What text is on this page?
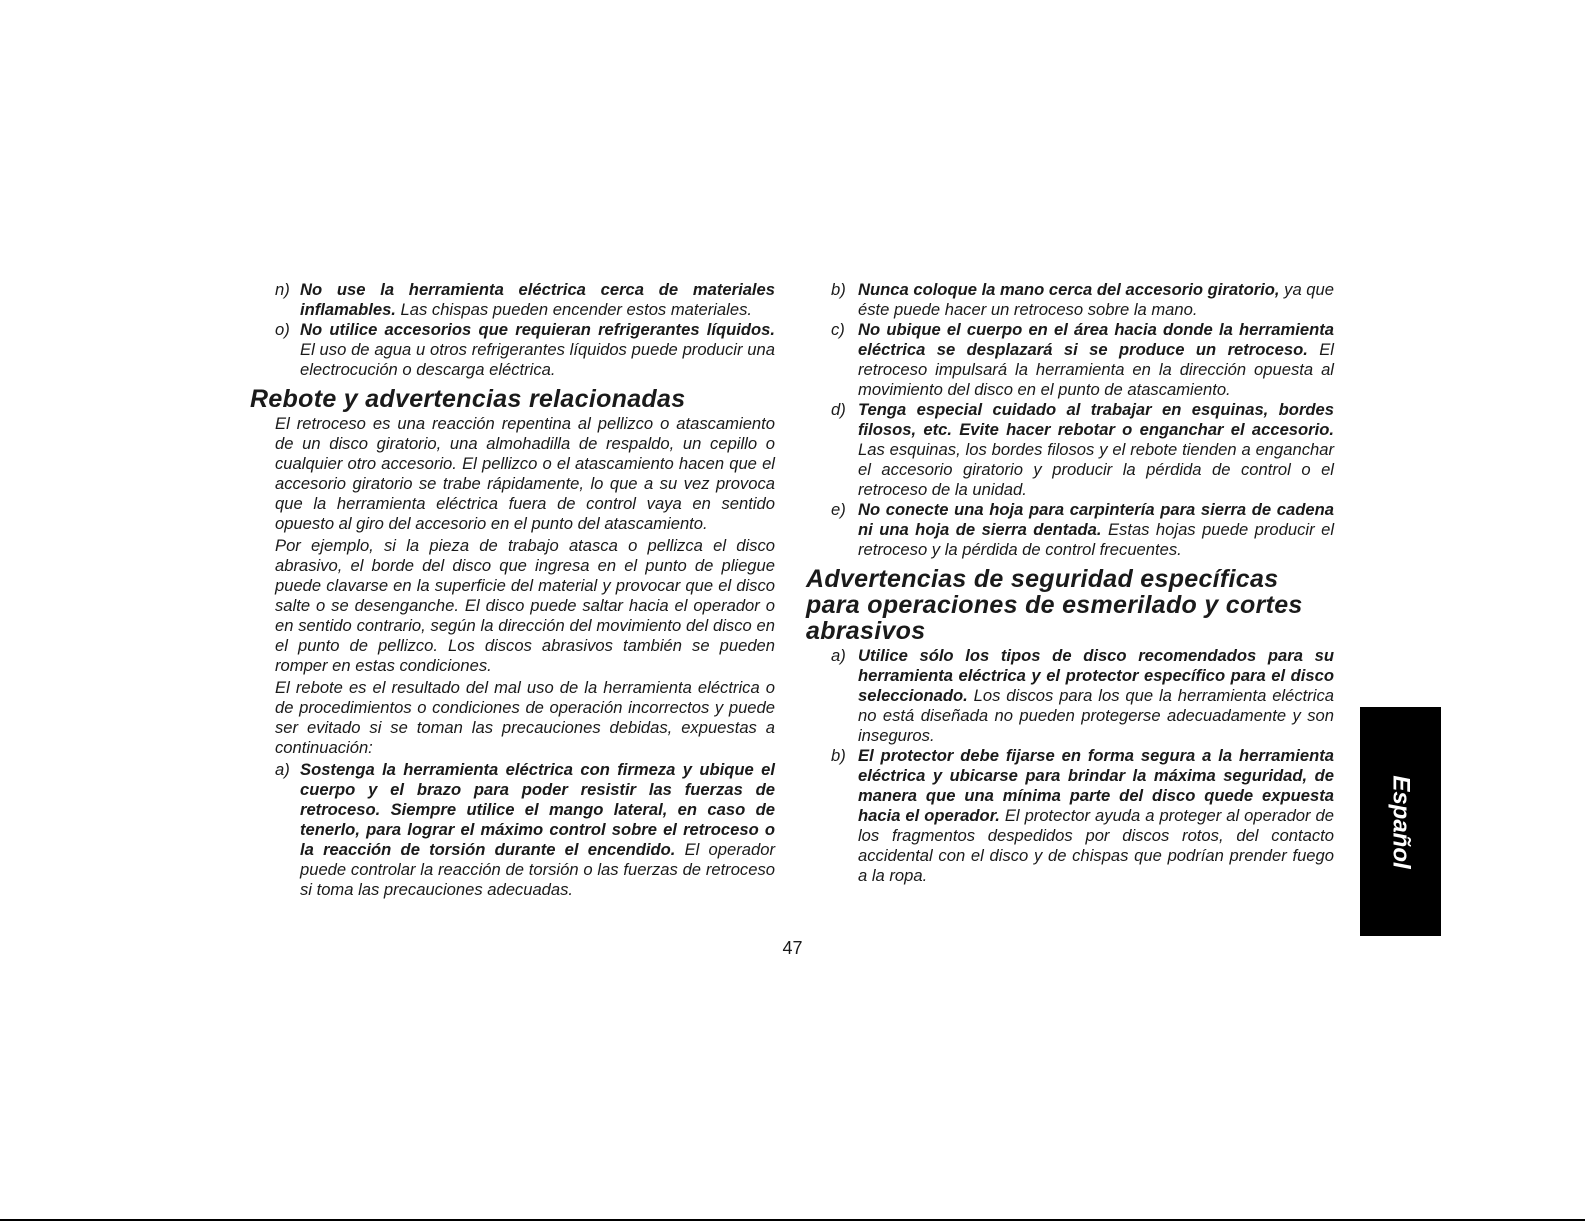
n) No use la herramienta eléctrica cerca de materiales inflamables. Las chispas pueden encender estos materiales.

o) No utilice accesorios que requieran refrigerantes líquidos. El uso de agua u otros refrigerantes líquidos puede producir una electrocución o descarga eléctrica.

Rebote y advertencias relacionadas

El retroceso es una reacción repentina al pellizco o atascamiento de un disco giratorio, una almohadilla de respaldo, un cepillo o cualquier otro accesorio. El pellizco o el atascamiento hacen que el accesorio giratorio se trabe rápidamente, lo que a su vez provoca que la herramienta eléctrica fuera de control vaya en sentido opuesto al giro del accesorio en el punto del atascamiento.

Por ejemplo, si la pieza de trabajo atasca o pellizca el disco abrasivo, el borde del disco que ingresa en el punto de pliegue puede clavarse en la superficie del material y provocar que el disco salte o se desenganche. El disco puede saltar hacia el operador o en sentido contrario, según la dirección del movimiento del disco en el punto de pellizco. Los discos abrasivos también se pueden romper en estas condiciones.

El rebote es el resultado del mal uso de la herramienta eléctrica o de procedimientos o condiciones de operación incorrectos y puede ser evitado si se toman las precauciones debidas, expuestas a continuación:

a) Sostenga la herramienta eléctrica con firmeza y ubique el cuerpo y el brazo para poder resistir las fuerzas de retroceso. Siempre utilice el mango lateral, en caso de tenerlo, para lograr el máximo control sobre el retroceso o la reacción de torsión durante el encendido. El operador puede controlar la reacción de torsión o las fuerzas de retroceso si toma las precauciones adecuadas.

b) Nunca coloque la mano cerca del accesorio giratorio, ya que éste puede hacer un retroceso sobre la mano.

c) No ubique el cuerpo en el área hacia donde la herramienta eléctrica se desplazará si se produce un retroceso. El retroceso impulsará la herramienta en la dirección opuesta al movimiento del disco en el punto de atascamiento.

d) Tenga especial cuidado al trabajar en esquinas, bordes filosos, etc. Evite hacer rebotar o enganchar el accesorio. Las esquinas, los bordes filosos y el rebote tienden a enganchar el accesorio giratorio y producir la pérdida de control o el retroceso de la unidad.

e) No conecte una hoja para carpintería para sierra de cadena ni una hoja de sierra dentada. Estas hojas puede producir el retroceso y la pérdida de control frecuentes.

Advertencias de seguridad específicas para operaciones de esmerilado y cortes abrasivos

a) Utilice sólo los tipos de disco recomendados para su herramienta eléctrica y el protector específico para el disco seleccionado. Los discos para los que la herramienta eléctrica no está diseñada no pueden protegerse adecuadamente y son inseguros.

b) El protector debe fijarse en forma segura a la herramienta eléctrica y ubicarse para brindar la máxima seguridad, de manera que una mínima parte del disco quede expuesta hacia el operador. El protector ayuda a proteger al operador de los fragmentos despedidos por discos rotos, del contacto accidental con el disco y de chispas que podrían prender fuego a la ropa.

47
Español
